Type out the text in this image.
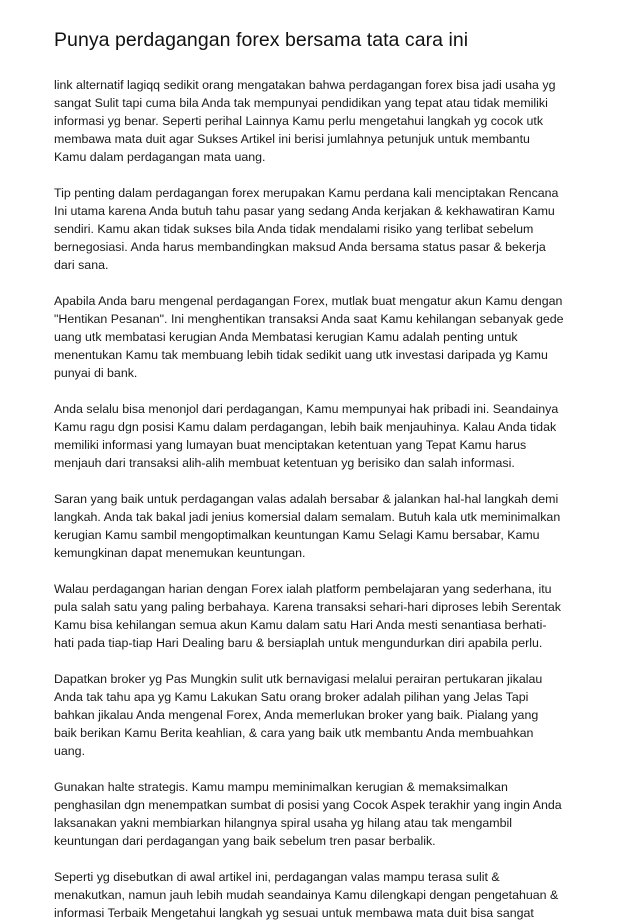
Punya perdagangan forex bersama tata cara ini

link alternatif lagiqq sedikit orang mengatakan bahwa perdagangan forex bisa jadi usaha yg
sangat Sulit tapi cuma bila Anda tak mempunyai pendidikan yang tepat atau tidak memiliki
informasi yg benar. Seperti perihal Lainnya Kamu perlu mengetahui langkah yg cocok utk
membawa mata duit agar Sukses Artikel ini berisi jumlahnya petunjuk untuk membantu
Kamu dalam perdagangan mata uang.

Tip penting dalam perdagangan forex merupakan Kamu perdana kali menciptakan Rencana
Ini utama karena Anda butuh tahu pasar yang sedang Anda kerjakan & kekhawatiran Kamu
sendiri. Kamu akan tidak sukses bila Anda tidak mendalami risiko yang terlibat sebelum
bernegosiasi. Anda harus membandingkan maksud Anda bersama status pasar & bekerja
dari sana.

Apabila Anda baru mengenal perdagangan Forex, mutlak buat mengatur akun Kamu dengan
"Hentikan Pesanan". Ini menghentikan transaksi Anda saat Kamu kehilangan sebanyak gede
uang utk membatasi kerugian Anda Membatasi kerugian Kamu adalah penting untuk
menentukan Kamu tak membuang lebih tidak sedikit uang utk investasi daripada yg Kamu
punyai di bank.

Anda selalu bisa menonjol dari perdagangan, Kamu mempunyai hak pribadi ini. Seandainya
Kamu ragu dgn posisi Kamu dalam perdagangan, lebih baik menjauhinya. Kalau Anda tidak
memiliki informasi yang lumayan buat menciptakan ketentuan yang Tepat Kamu harus
menjauh dari transaksi alih-alih membuat ketentuan yg berisiko dan salah informasi.

Saran yang baik untuk perdagangan valas adalah bersabar & jalankan hal-hal langkah demi
langkah. Anda tak bakal jadi jenius komersial dalam semalam. Butuh kala utk meminimalkan
kerugian Kamu sambil mengoptimalkan keuntungan Kamu Selagi Kamu bersabar, Kamu
kemungkinan dapat menemukan keuntungan.

Walau perdagangan harian dengan Forex ialah platform pembelajaran yang sederhana, itu
pula salah satu yang paling berbahaya. Karena transaksi sehari-hari diproses lebih Serentak
Kamu bisa kehilangan semua akun Kamu dalam satu Hari Anda mesti senantiasa berhati-
hati pada tiap-tiap Hari Dealing baru & bersiaplah untuk mengundurkan diri apabila perlu.

Dapatkan broker yg Pas Mungkin sulit utk bernavigasi melalui perairan pertukaran jikalau
Anda tak tahu apa yg Kamu Lakukan Satu orang broker adalah pilihan yang Jelas Tapi
bahkan jikalau Anda mengenal Forex, Anda memerlukan broker yang baik. Pialang yang
baik berikan Kamu Berita keahlian, & cara yang baik utk membantu Anda membuahkan
uang.

Gunakan halte strategis. Kamu mampu meminimalkan kerugian & memaksimalkan
penghasilan dgn menempatkan sumbat di posisi yang Cocok Aspek terakhir yang ingin Anda
laksanakan yakni membiarkan hilangnya spiral usaha yg hilang atau tak mengambil
keuntungan dari perdagangan yang baik sebelum tren pasar berbalik.

Seperti yg disebutkan di awal artikel ini, perdagangan valas mampu terasa sulit &
menakutkan, namun jauh lebih mudah seandainya Kamu dilengkapi dengan pengetahuan &
informasi Terbaik Mengetahui langkah yg sesuai untuk membawa mata duit bisa sangat
